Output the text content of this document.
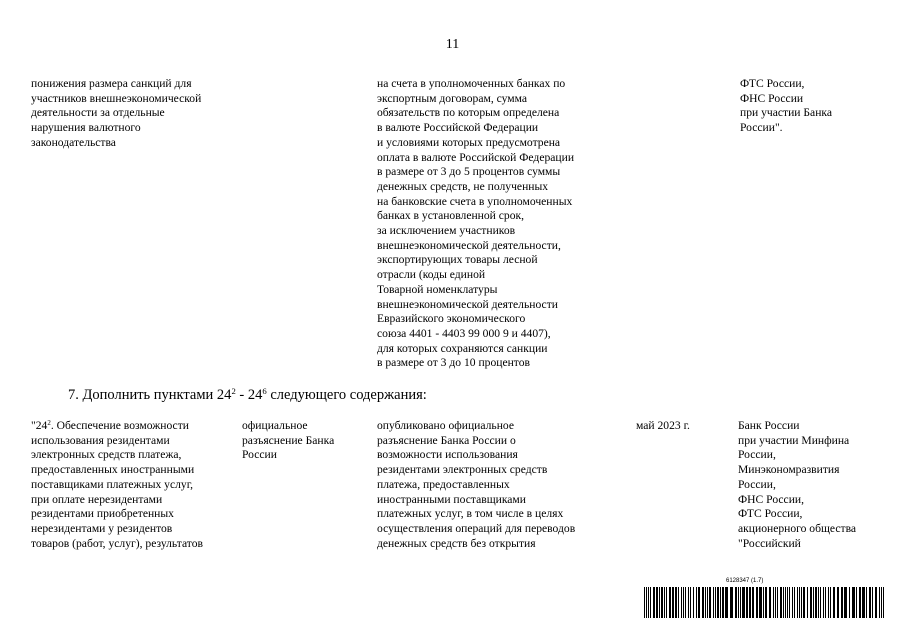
11
понижения размера санкций для
участников внешнеэкономической
деятельности за отдельные
нарушения валютного
законодательства
на счета в уполномоченных банках по
экспортным договорам, сумма
обязательств по которым определена
в валюте Российской Федерации
и условиями которых предусмотрена
оплата в валюте Российской Федерации
в размере от 3 до 5 процентов суммы
денежных средств, не полученных
на банковские счета в уполномоченных
банках в установленной срок,
за исключением участников
внешнеэкономической деятельности,
экспортирующих товары лесной
отрасли (коды единой
Товарной номенклатуры
внешнеэкономической деятельности
Евразийского экономического
союза 4401 - 4403 99 000 9 и 4407),
для которых сохраняются санкции
в размере от 3 до 10 процентов
ФТС России,
ФНС России
при участии Банка
России".
7. Дополнить пунктами $24^2 - 24^6$ следующего содержания:
"$24^2$. Обеспечение возможности
использования резидентами
электронных средств платежа,
предоставленных иностранными
поставщиками платежных услуг,
при оплате нерезидентами
резидентами приобретенных
нерезидентами у резидентов
товаров (работ, услуг), результатов
официальное
разъяснение Банка
России
опубликовано официальное
разъяснение Банка России о
возможности использования
резидентами электронных средств
платежа, предоставленных
иностранными поставщиками
платежных услуг, в том числе в целях
осуществления операций для переводов
денежных средств без открытия
май 2023 г.	Банк России
при участии Минфина
России,
Минэкономразвития
России,
ФНС России,
ФТС России,
акционерного общества
"Российский
6128347 (1.7)
